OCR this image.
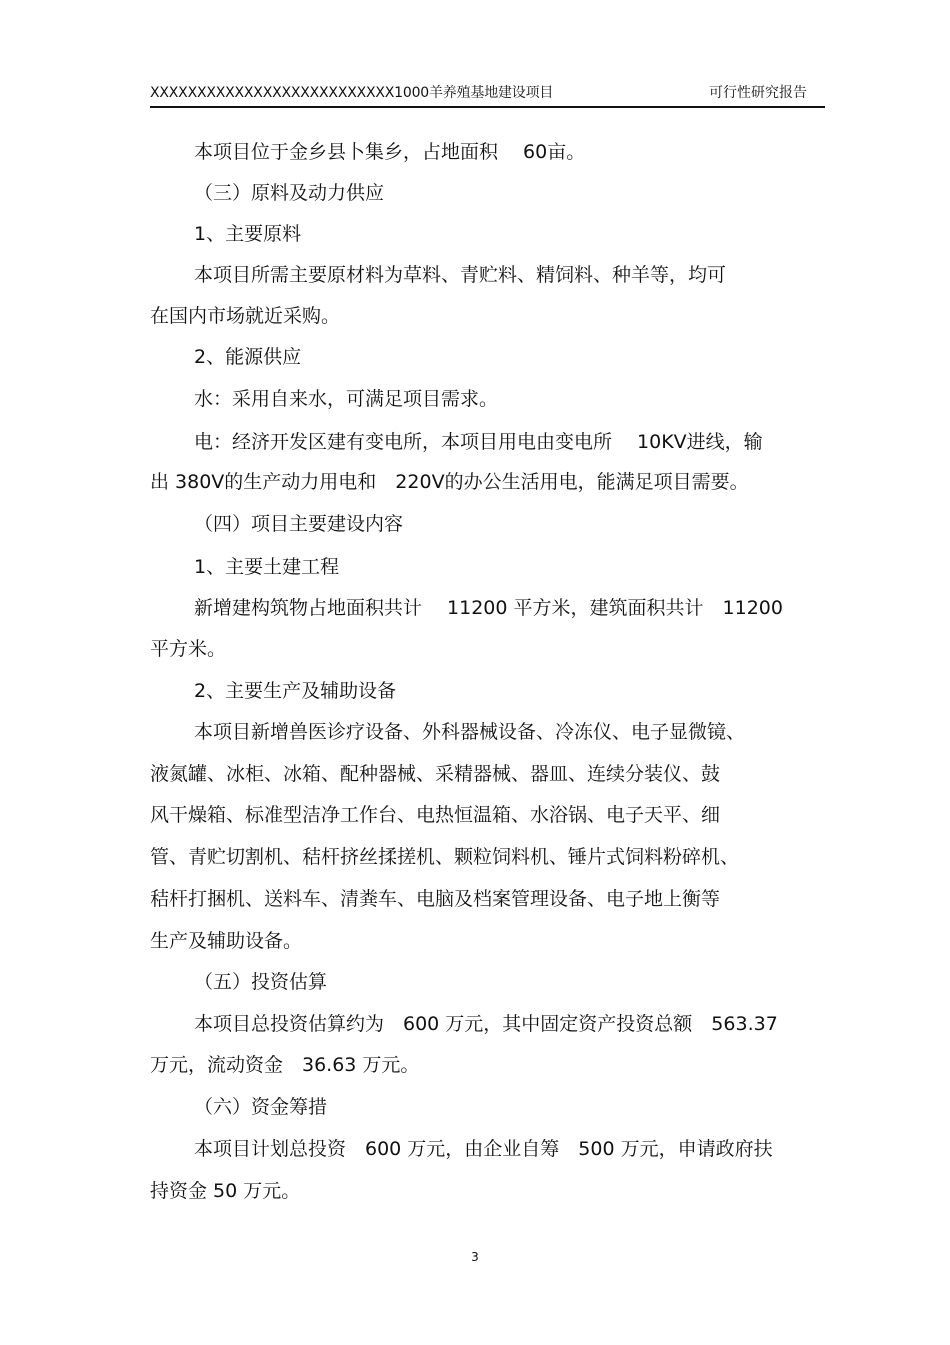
XXXXXXXXXXXXXXXXXXXXXXXXXX1000羊养殖基地建设项目	可行性研究报告
本项目位于金乡县卜集乡，占地面积　 60亩。
（三）原料及动力供应
1、主要原料
本项目所需主要原材料为草料、青贮料、精饲料、种羊等，均可
在国内市场就近采购。
2、能源供应
水：采用自来水，可满足项目需求。
电：经济开发区建有变电所，本项目用电由变电所　 10KV进线，输
出 380V的生产动力用电和　220V的办公生活用电，能满足项目需要。
（四）项目主要建设内容
1、主要土建工程
新增建构筑物占地面积共计　 11200 平方米，建筑面积共计　11200
平方米。
2、主要生产及辅助设备
本项目新增兽医诊疗设备、外科器械设备、冷冻仪、电子显微镜、
液氮罐、冰柜、冰箱、配种器械、采精器械、器皿、连续分装仪、鼓
风干燥箱、标准型洁净工作台、电热恒温箱、水浴锅、电子天平、细
管、青贮切割机、秸杆挤丝揉搓机、颗粒饲料机、锤片式饲料粉碎机、
秸杆打捆机、送料车、清粪车、电脑及档案管理设备、电子地上衡等
生产及辅助设备。
（五）投资估算
本项目总投资估算约为　600 万元，其中固定资产投资总额　563.37
万元，流动资金　36.63 万元。
（六）资金筹措
本项目计划总投资　600 万元，由企业自筹　500 万元，申请政府扶
持资金 50 万元。
3
